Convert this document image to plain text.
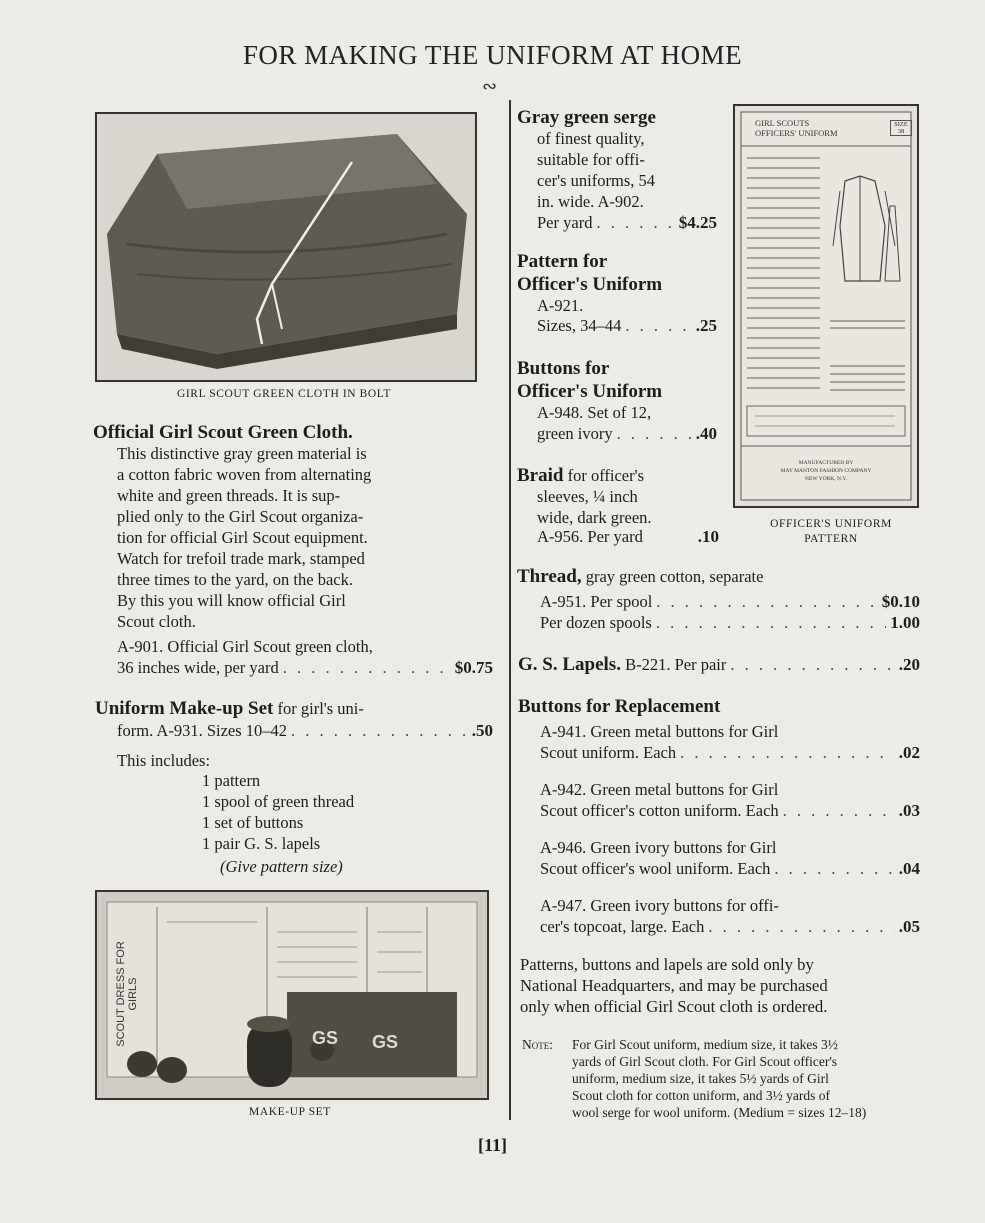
FOR MAKING THE UNIFORM AT HOME
∾
GIRL SCOUT GREEN CLOTH IN BOLT
Official Girl Scout Green Cloth.
This distinctive gray green material is
a cotton fabric woven from alternating
white and green threads. It is sup-
plied only to the Girl Scout organiza-
tion for official Girl Scout equipment.
Watch for trefoil trade mark, stamped
three times to the yard, on the back.
By this you will know official Girl
Scout cloth.
A-901. Official Girl Scout green cloth,
36 inches wide, per yard . . .	$0.75
Uniform Make-up Set for girl's uni-
form. A-931. Sizes 10–42 . . .	.50
This includes:
1 pattern
1 spool of green thread
1 set of buttons
1 pair G. S. lapels
(Give pattern size)
SCOUT DRESS FOR GIRLS
GS GS
MAKE-UP SET
Gray green serge
of finest quality,
suitable for offi-
cer's uniforms, 54
in. wide. A-902.
Per yard . . .	$4.25
Pattern for
Officer's Uniform
A-921.
Sizes, 34–44 . . .	.25
Buttons for
Officer's Uniform
A-948. Set of 12,
green ivory . . .	.40
Braid for officer's
sleeves, ¼ inch
wide, dark green.
A-956. Per yard	.10
GIRL SCOUTS
OFFICERS' UNIFORM
SIZE 38
MANUFACTURED BY
MAY MANTON FASHION COMPANY
NEW YORK, N.Y.
OFFICER'S UNIFORM
PATTERN
Thread, gray green cotton, separate
A-951. Per spool . . .	$0.10
Per dozen spools . . .	1.00
G. S. Lapels. B-221. Per pair . . .	.20
Buttons for Replacement
A-941. Green metal buttons for Girl
Scout uniform. Each . . .	.02
A-942. Green metal buttons for Girl
Scout officer's cotton uniform. Each . . .	.03
A-946. Green ivory buttons for Girl
Scout officer's wool uniform. Each . . .	.04
A-947. Green ivory buttons for offi-
cer's topcoat, large. Each . . .	.05
Patterns, buttons and lapels are sold only by
National Headquarters, and may be purchased
only when official Girl Scout cloth is ordered.
Note: For Girl Scout uniform, medium size, it takes 3½
yards of Girl Scout cloth. For Girl Scout officer's
uniform, medium size, it takes 5½ yards of Girl
Scout cloth for cotton uniform, and 3½ yards of
wool serge for wool uniform. (Medium = sizes 12–18)
[11]
